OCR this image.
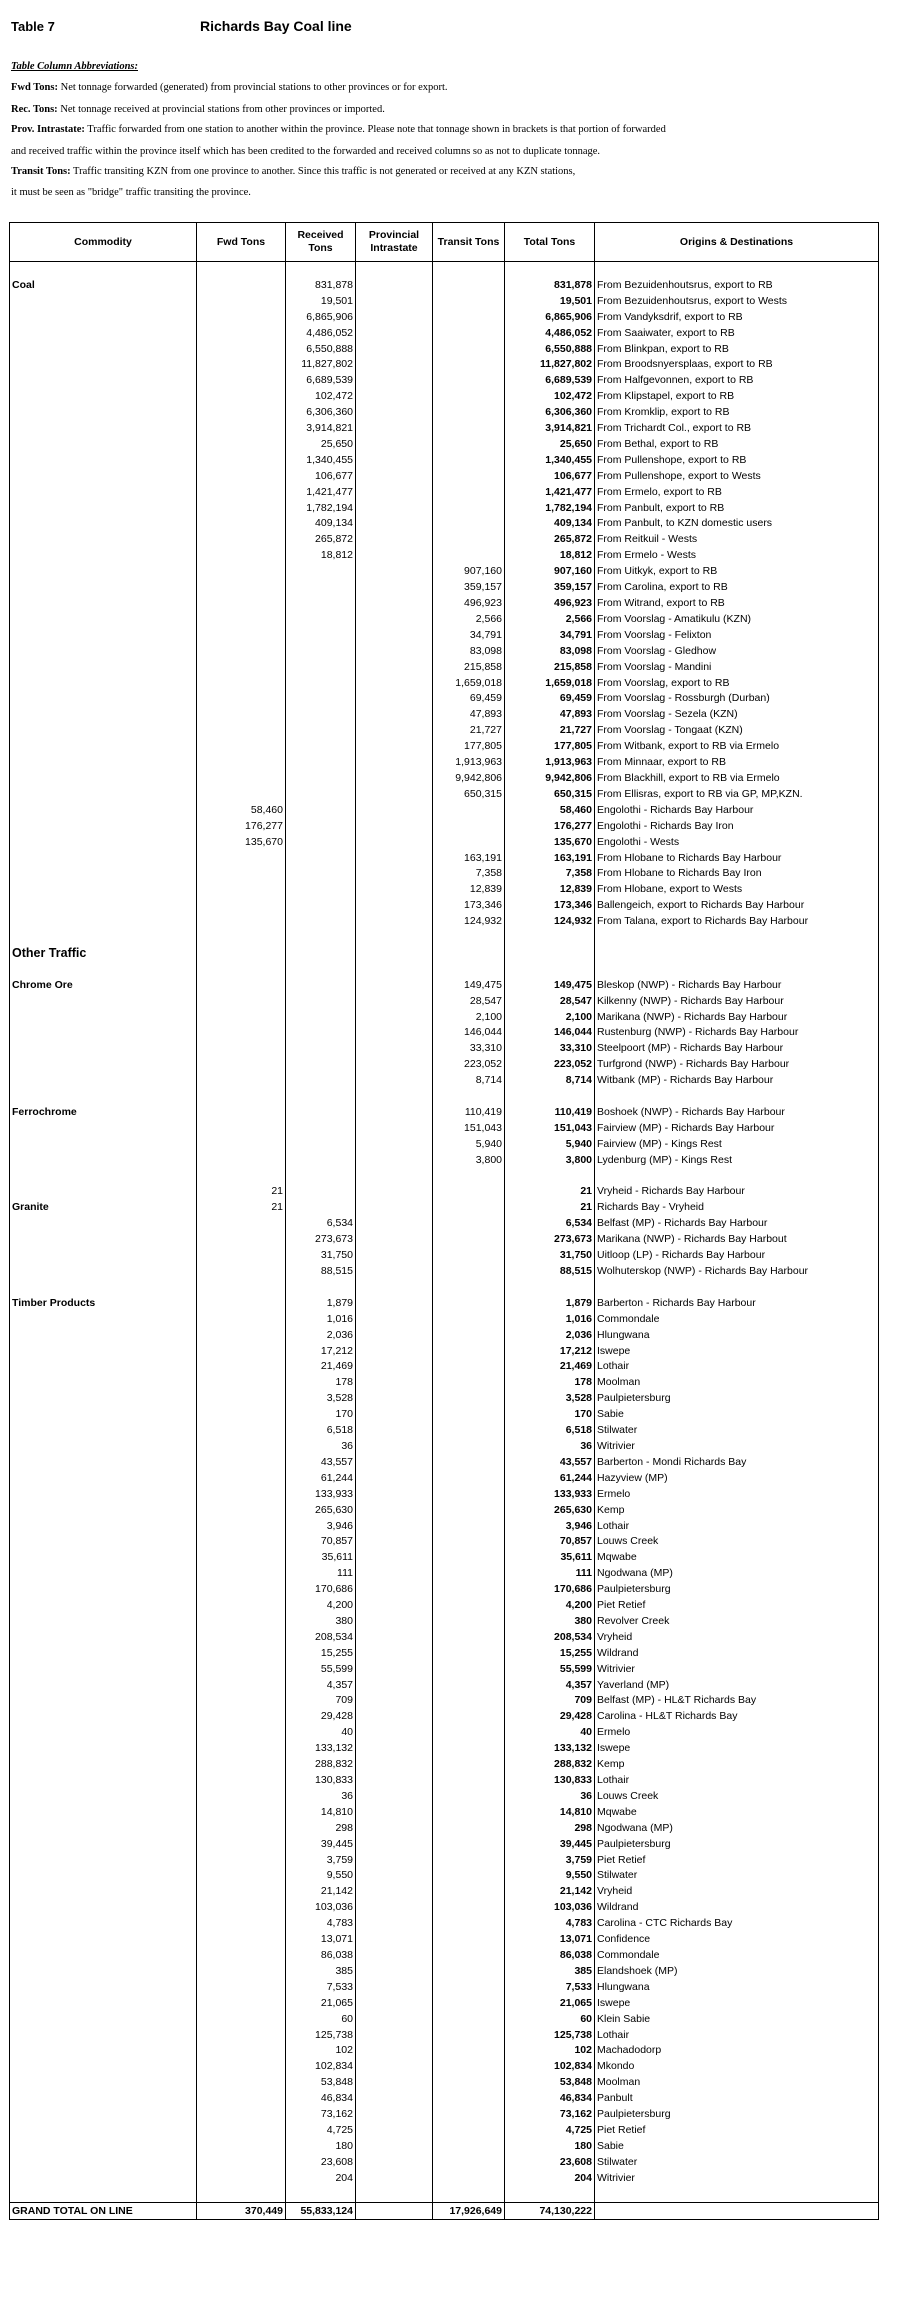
Table 7	Richards Bay Coal line
Table Column Abbreviations:
Fwd Tons: Net tonnage forwarded (generated) from provincial stations to other provinces or for export.
Rec. Tons: Net tonnage received at provincial stations from other provinces or imported.
Prov. Intrastate: Traffic forwarded from one station to another within the province. Please note that tonnage shown in brackets is that portion of forwarded
and received traffic within the province itself which has been credited to the forwarded and received columns so as not to duplicate tonnage.
Transit Tons: Traffic transiting KZN from one province to another. Since this traffic is not generated or received at any KZN stations,
it must be seen as "bridge" traffic transiting the province.
Commodity	Fwd Tons	Received Tons	Provincial Intrastate	Transit Tons	Total Tons	Origins & Destinations

Coal		831,878			831,878	From Bezuidenhoutsrus, export to RB
		19,501			19,501	From Bezuidenhoutsrus, export to Wests
		6,865,906			6,865,906	From Vandyksdrif, export to RB
		4,486,052			4,486,052	From Saaiwater, export to RB
		6,550,888			6,550,888	From Blinkpan, export to RB
		11,827,802			11,827,802	From Broodsnyersplaas, export to RB
		6,689,539			6,689,539	From Halfgevonnen, export to RB
		102,472			102,472	From Klipstapel, export to RB
		6,306,360			6,306,360	From Kromklip, export to RB
		3,914,821			3,914,821	From Trichardt Col., export to RB
		25,650			25,650	From Bethal, export to RB
		1,340,455			1,340,455	From Pullenshope, export to RB
		106,677			106,677	From Pullenshope, export to Wests
		1,421,477			1,421,477	From Ermelo, export to RB
		1,782,194			1,782,194	From Panbult, export to RB
		409,134			409,134	From Panbult, to KZN domestic users
		265,872			265,872	From Reitkuil - Wests
		18,812			18,812	From Ermelo - Wests
				907,160	907,160	From Uitkyk, export to RB
				359,157	359,157	From Carolina, export to RB
				496,923	496,923	From Witrand, export to RB
				2,566	2,566	From Voorslag - Amatikulu (KZN)
				34,791	34,791	From Voorslag - Felixton
				83,098	83,098	From Voorslag - Gledhow
				215,858	215,858	From Voorslag - Mandini
				1,659,018	1,659,018	From Voorslag, export to RB
				69,459	69,459	From Voorslag - Rossburgh (Durban)
				47,893	47,893	From Voorslag - Sezela (KZN)
				21,727	21,727	From Voorslag - Tongaat (KZN)
				177,805	177,805	From Witbank, export to RB via Ermelo
				1,913,963	1,913,963	From Minnaar, export to RB
				9,942,806	9,942,806	From Blackhill, export to RB via Ermelo
				650,315	650,315	From Ellisras, export to RB via GP, MP,KZN.
	58,460				58,460	Engolothi - Richards Bay Harbour
	176,277				176,277	Engolothi - Richards Bay Iron
	135,670				135,670	Engolothi - Wests
				163,191	163,191	From Hlobane to Richards Bay Harbour
				7,358	7,358	From Hlobane to Richards Bay Iron
				12,839	12,839	From Hlobane, export to Wests
				173,346	173,346	Ballengeich, export to Richards Bay Harbour
				124,932	124,932	From Talana, export to Richards Bay Harbour

Other Traffic						

Chrome Ore				149,475	149,475	Bleskop (NWP) - Richards Bay Harbour
				28,547	28,547	Kilkenny (NWP) - Richards Bay Harbour
				2,100	2,100	Marikana (NWP) - Richards Bay Harbour
				146,044	146,044	Rustenburg (NWP) - Richards Bay Harbour
				33,310	33,310	Steelpoort (MP) - Richards Bay Harbour
				223,052	223,052	Turfgrond (NWP) - Richards Bay Harbour
				8,714	8,714	Witbank (MP) - Richards Bay Harbour

Ferrochrome				110,419	110,419	Boshoek (NWP) - Richards Bay Harbour
				151,043	151,043	Fairview (MP) - Richards Bay Harbour
				5,940	5,940	Fairview (MP) - Kings Rest
				3,800	3,800	Lydenburg (MP) - Kings Rest

	21				21	Vryheid - Richards Bay Harbour
Granite	21				21	Richards Bay - Vryheid
		6,534			6,534	Belfast (MP) - Richards Bay Harbour
		273,673			273,673	Marikana (NWP) - Richards Bay Harbout
		31,750			31,750	Uitloop (LP) - Richards Bay Harbour
		88,515			88,515	Wolhuterskop (NWP) - Richards Bay Harbour

Timber Products		1,879			1,879	Barberton - Richards Bay Harbour
		1,016			1,016	Commondale
		2,036			2,036	Hlungwana
		17,212			17,212	Iswepe
		21,469			21,469	Lothair
		178			178	Moolman
		3,528			3,528	Paulpietersburg
		170			170	Sabie
		6,518			6,518	Stilwater
		36			36	Witrivier
		43,557			43,557	Barberton - Mondi Richards Bay
		61,244			61,244	Hazyview (MP)
		133,933			133,933	Ermelo
		265,630			265,630	Kemp
		3,946			3,946	Lothair
		70,857			70,857	Louws Creek
		35,611			35,611	Mqwabe
		111			111	Ngodwana (MP)
		170,686			170,686	Paulpietersburg
		4,200			4,200	Piet Retief
		380			380	Revolver Creek
		208,534			208,534	Vryheid
		15,255			15,255	Wildrand
		55,599			55,599	Witrivier
		4,357			4,357	Yaverland (MP)
		709			709	Belfast (MP) - HL&T Richards Bay
		29,428			29,428	Carolina - HL&T Richards Bay
		40			40	Ermelo
		133,132			133,132	Iswepe
		288,832			288,832	Kemp
		130,833			130,833	Lothair
		36			36	Louws Creek
		14,810			14,810	Mqwabe
		298			298	Ngodwana (MP)
		39,445			39,445	Paulpietersburg
		3,759			3,759	Piet Retief
		9,550			9,550	Stilwater
		21,142			21,142	Vryheid
		103,036			103,036	Wildrand
		4,783			4,783	Carolina - CTC Richards Bay
		13,071			13,071	Confidence
		86,038			86,038	Commondale
		385			385	Elandshoek (MP)
		7,533			7,533	Hlungwana
		21,065			21,065	Iswepe
		60			60	Klein Sabie
		125,738			125,738	Lothair
		102			102	Machadodorp
		102,834			102,834	Mkondo
		53,848			53,848	Moolman
		46,834			46,834	Panbult
		73,162			73,162	Paulpietersburg
		4,725			4,725	Piet Retief
		180			180	Sabie
		23,608			23,608	Stilwater
		204			204	Witrivier

GRAND TOTAL ON LINE	370,449	55,833,124		17,926,649	74,130,222	
